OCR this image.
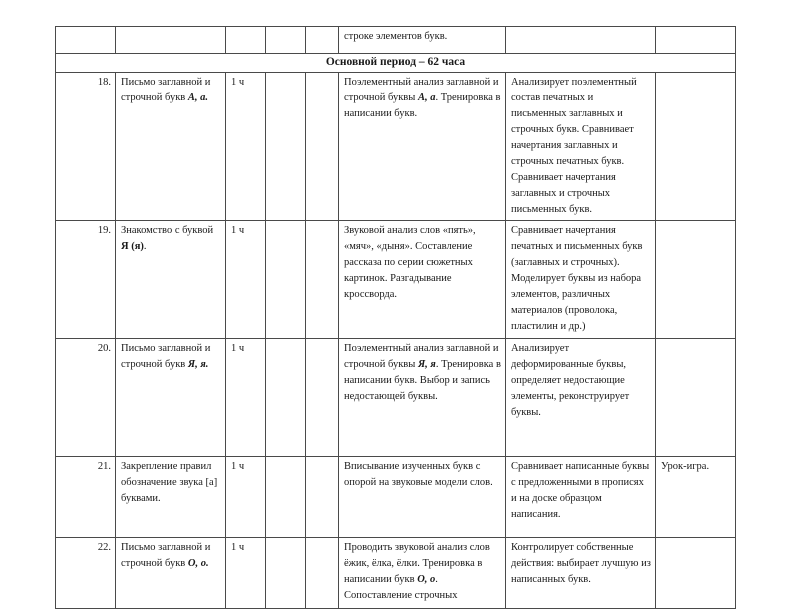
					строке элементов букв.		
Основной период – 62 часа							
18.	Письмо заглавной и строчной букв А, а.	1 ч			Поэлементный анализ заглавной и строчной буквы А, а. Тренировка в написании букв.	Анализирует поэлементный состав печатных и письменных заглавных и строчных букв. Сравнивает начертания заглавных и строчных печатных букв. Сравнивает начертания заглавных и строчных письменных букв.	
19.	Знакомство с буквой Я (я).	1 ч			Звуковой анализ слов «пять», «мяч», «дыня». Составление рассказа по серии сюжетных картинок. Разгадывание кроссворда.	Сравнивает начертания печатных и письменных букв (заглавных и строчных). Моделирует буквы из набора элементов, различных материалов (проволока, пластилин и др.)	
20.	Письмо заглавной и строчной букв Я, я.	1 ч			Поэлементный анализ заглавной и строчной буквы Я, я. Тренировка в написании букв. Выбор и запись недостающей буквы.	Анализирует деформированные буквы, определяет недостающие элементы, реконструирует буквы.	
21.	Закрепление правил обозначение звука [а] буквами.	1 ч			Вписывание изученных букв с опорой на звуковые модели слов.	Сравнивает написанные буквы с предложенными в прописях и на доске образцом написания.	Урок-игра.
22.	Письмо заглавной и строчной букв О, о.	1 ч			Проводить звуковой анализ слов ёжик, ёлка, ёлки. Тренировка в написании букв О, о. Сопоставление строчных	Контролирует собственные действия: выбирает лучшую из написанных букв.	
